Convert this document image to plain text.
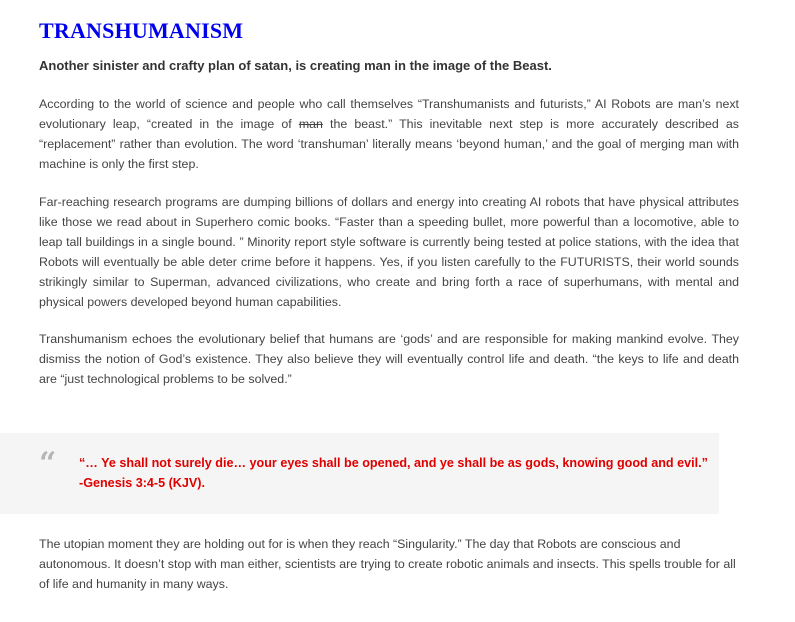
TRANSHUMANISM

Another sinister and crafty plan of satan, is creating man in the image of the Beast.

According to the world of science and people who call themselves “Transhumanists and futurists,” AI Robots are man’s next evolutionary leap, “created in the image of man the beast.” This inevitable next step is more accurately described as “replacement” rather than evolution. The word ‘transhuman’ literally means ‘beyond human,’ and the goal of merging man with machine is only the first step.

Far-reaching research programs are dumping billions of dollars and energy into creating AI robots that have physical attributes like those we read about in Superhero comic books. “Faster than a speeding bullet, more powerful than a locomotive, able to leap tall buildings in a single bound. ” Minority report style software is currently being tested at police stations, with the idea that Robots will eventually be able deter crime before it happens. Yes, if you listen carefully to the FUTURISTS, their world sounds strikingly similar to Superman, advanced civilizations, who create and bring forth a race of superhumans, with mental and physical powers developed beyond human capabilities.

Transhumanism echoes the evolutionary belief that humans are ‘gods’ and are responsible for making mankind evolve. They dismiss the notion of God’s existence. They also believe they will eventually control life and death. “the keys to life and death are “just technological problems to be solved.”

“ “… Ye shall not surely die… your eyes shall be opened, and ye shall be as gods, knowing good and evil.” -Genesis 3:4-5 (KJV).

The utopian moment they are holding out for is when they reach “Singularity.” The day that Robots are conscious and autonomous. It doesn’t stop with man either, scientists are trying to create robotic animals and insects. This spells trouble for all of life and humanity in many ways.
